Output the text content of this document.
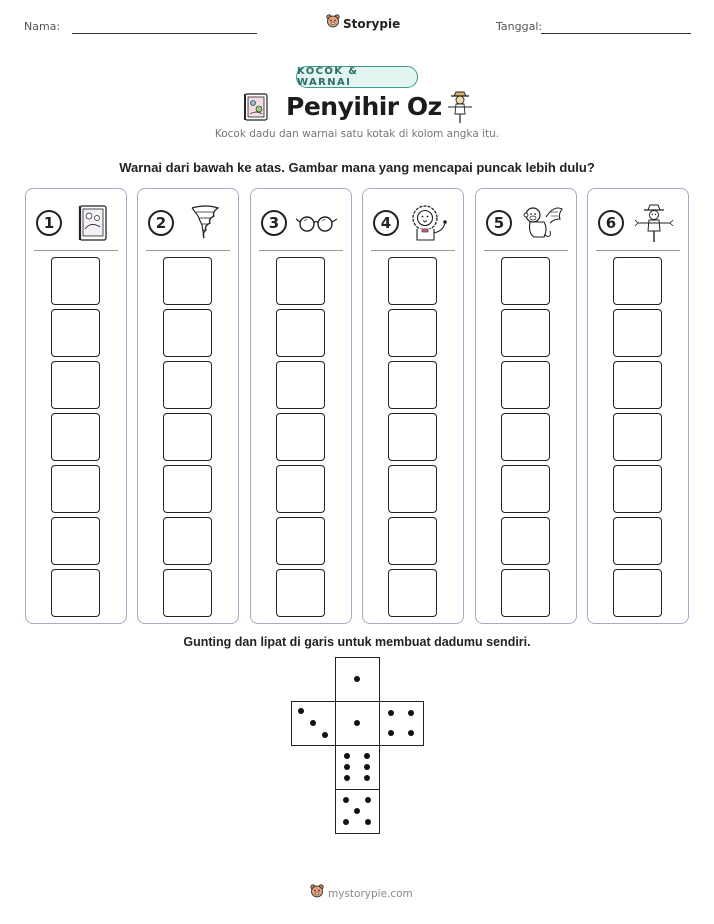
Nama:	Storypie	Tanggal:
KOCOK & WARNAI
Penyihir Oz
Kocok dadu dan warnai satu kotak di kolom angka itu.
Warnai dari bawah ke atas. Gambar mana yang mencapai puncak lebih dulu?
1	2	3	4	5	6
Gunting dan lipat di garis untuk membuat dadumu sendiri.
mystorypie.com
